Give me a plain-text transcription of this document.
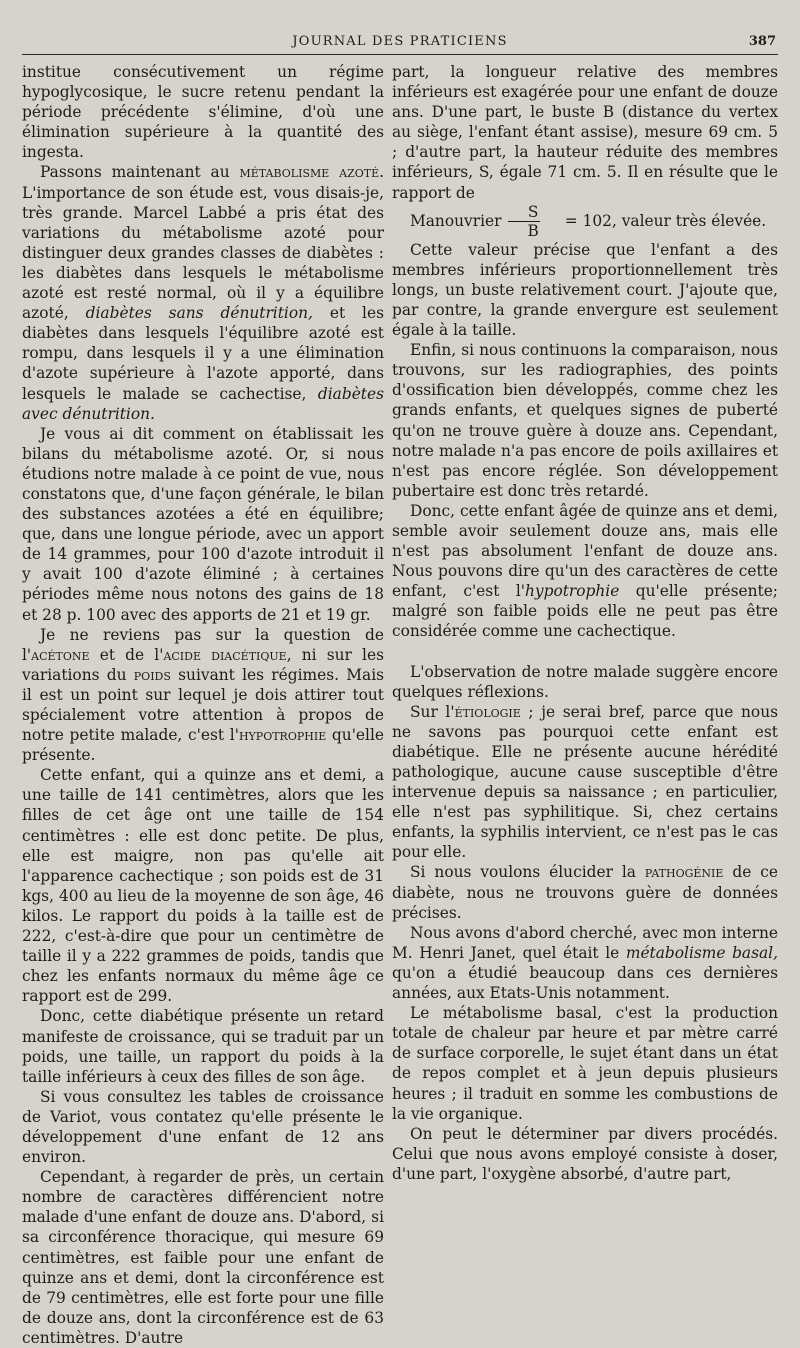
JOURNAL DES PRATICIENS	387

institue consécutivement un régime hypoglycosique, le sucre retenu pendant la période précédente s'élimine, d'où une élimination supérieure à la quantité des ingesta.

Passons maintenant au métabolisme azoté. L'importance de son étude est, vous disais-je, très grande. Marcel Labbé a pris état des variations du métabolisme azoté pour distinguer deux grandes classes de diabètes : les diabètes dans lesquels le métabolisme azoté est resté normal, où il y a équilibre azoté, diabètes sans dénutrition, et les diabètes dans lesquels l'équilibre azoté est rompu, dans lesquels il y a une élimination d'azote supérieure à l'azote apporté, dans lesquels le malade se cachectise, diabètes avec dénutrition.

Je vous ai dit comment on établissait les bilans du métabolisme azoté. Or, si nous étudions notre malade à ce point de vue, nous constatons que, d'une façon générale, le bilan des substances azotées a été en équilibre; que, dans une longue période, avec un apport de 14 grammes, pour 100 d'azote introduit il y avait 100 d'azote éliminé ; à certaines périodes même nous notons des gains de 18 et 28 p. 100 avec des apports de 21 et 19 gr.

Je ne reviens pas sur la question de l'acétone et de l'acide diacétique, ni sur les variations du poids suivant les régimes. Mais il est un point sur lequel je dois attirer tout spécialement votre attention à propos de notre petite malade, c'est l'hypotrophie qu'elle présente.

Cette enfant, qui a quinze ans et demi, a une taille de 141 centimètres, alors que les filles de cet âge ont une taille de 154 centimètres : elle est donc petite. De plus, elle est maigre, non pas qu'elle ait l'apparence cachectique ; son poids est de 31 kgs, 400 au lieu de la moyenne de son âge, 46 kilos. Le rapport du poids à la taille est de 222, c'est-à-dire que pour un centimètre de taille il y a 222 grammes de poids, tandis que chez les enfants normaux du même âge ce rapport est de 299.

Donc, cette diabétique présente un retard manifeste de croissance, qui se traduit par un poids, une taille, un rapport du poids à la taille inférieurs à ceux des filles de son âge.

Si vous consultez les tables de croissance de Variot, vous contatez qu'elle présente le développement d'une enfant de 12 ans environ.

Cependant, à regarder de près, un certain nombre de caractères différencient notre malade d'une enfant de douze ans. D'abord, si sa circonférence thoracique, qui mesure 69 centimètres, est faible pour une enfant de quinze ans et demi, dont la circonférence est de 79 centimètres, elle est forte pour une fille de douze ans, dont la circonférence est de 63 centimètres. D'autre

part, la longueur relative des membres inférieurs est exagérée pour une enfant de douze ans. D'une part, le buste B (distance du vertex au siège, l'enfant étant assise), mesure 69 cm. 5 ; d'autre part, la hauteur réduite des membres inférieurs, S, égale 71 cm. 5. Il en résulte que le rapport de

Manouvrier $\frac{S}{B}$	= 102, valeur très élevée.

Cette valeur précise que l'enfant a des membres inférieurs proportionnellement très longs, un buste relativement court. J'ajoute que, par contre, la grande envergure est seulement égale à la taille.

Enfin, si nous continuons la comparaison, nous trouvons, sur les radiographies, des points d'ossification bien développés, comme chez les grands enfants, et quelques signes de puberté qu'on ne trouve guère à douze ans. Cependant, notre malade n'a pas encore de poils axillaires et n'est pas encore réglée. Son développement pubertaire est donc très retardé.

Donc, cette enfant âgée de quinze ans et demi, semble avoir seulement douze ans, mais elle n'est pas absolument l'enfant de douze ans. Nous pouvons dire qu'un des caractères de cette enfant, c'est l'hypotrophie qu'elle présente; malgré son faible poids elle ne peut pas être considérée comme une cachectique.

L'observation de notre malade suggère encore quelques réflexions.

Sur l'étiologie ; je serai bref, parce que nous ne savons pas pourquoi cette enfant est diabétique. Elle ne présente aucune hérédité pathologique, aucune cause susceptible d'être intervenue depuis sa naissance ; en particulier, elle n'est pas syphilitique. Si, chez certains enfants, la syphilis intervient, ce n'est pas le cas pour elle.

Si nous voulons élucider la pathogénie de ce diabète, nous ne trouvons guère de données précises.

Nous avons d'abord cherché, avec mon interne M. Henri Janet, quel était le métabolisme basal, qu'on a étudié beaucoup dans ces dernières années, aux Etats-Unis notamment.

Le métabolisme basal, c'est la production totale de chaleur par heure et par mètre carré de surface corporelle, le sujet étant dans un état de repos complet et à jeun depuis plusieurs heures ; il traduit en somme les combustions de la vie organique.

On peut le déterminer par divers procédés. Celui que nous avons employé consiste à doser, d'une part, l'oxygène absorbé, d'autre part,
